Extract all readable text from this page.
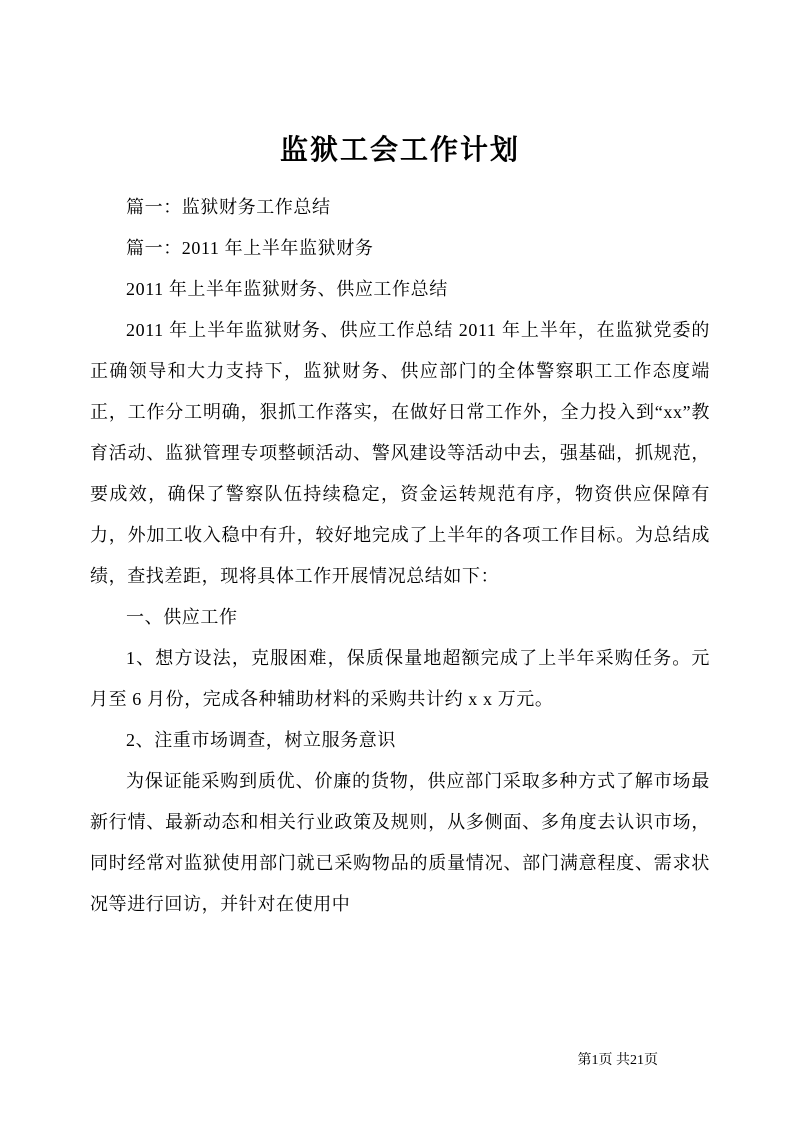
监狱工会工作计划

篇一：监狱财务工作总结

篇一：2011 年上半年监狱财务

2011 年上半年监狱财务、供应工作总结

2011 年上半年监狱财务、供应工作总结 2011 年上半年，在监狱党委的正确领导和大力支持下，监狱财务、供应部门的全体警察职工工作态度端正，工作分工明确，狠抓工作落实，在做好日常工作外，全力投入到“xx”教育活动、监狱管理专项整顿活动、警风建设等活动中去，强基础，抓规范，要成效，确保了警察队伍持续稳定，资金运转规范有序，物资供应保障有力，外加工收入稳中有升，较好地完成了上半年的各项工作目标。为总结成绩，查找差距，现将具体工作开展情况总结如下：

一、供应工作

1、想方设法，克服困难，保质保量地超额完成了上半年采购任务。元月至 6 月份，完成各种辅助材料的采购共计约 x x 万元。

2、注重市场调查，树立服务意识

为保证能采购到质优、价廉的货物，供应部门采取多种方式了解市场最新行情、最新动态和相关行业政策及规则，从多侧面、多角度去认识市场，同时经常对监狱使用部门就已采购物品的质量情况、部门满意程度、需求状况等进行回访，并针对在使用中

第1页 共21页
